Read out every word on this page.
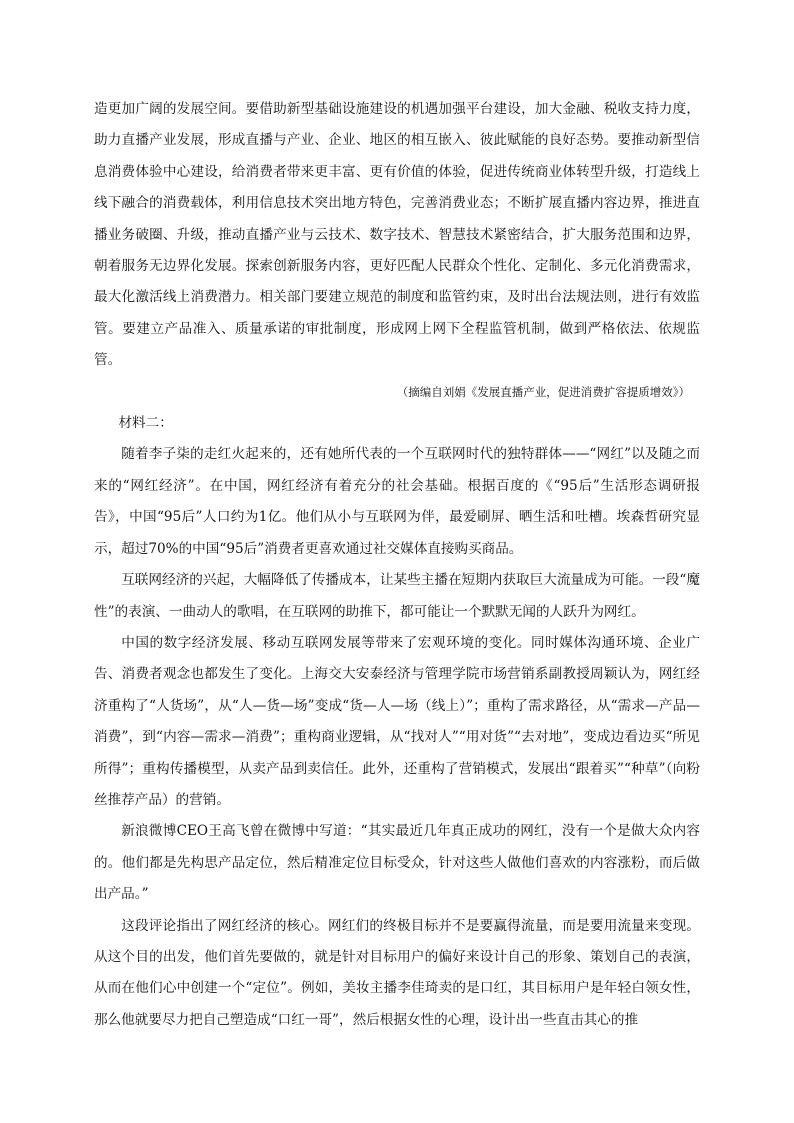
造更加广阔的发展空间。要借助新型基础设施建设的机遇加强平台建设，加大金融、税收支持力度，助力直播产业发展，形成直播与产业、企业、地区的相互嵌入、彼此赋能的良好态势。要推动新型信息消费体验中心建设，给消费者带来更丰富、更有价值的体验，促进传统商业体转型升级，打造线上线下融合的消费载体，利用信息技术突出地方特色，完善消费业态；不断扩展直播内容边界，推进直播业务破圈、升级，推动直播产业与云技术、数字技术、智慧技术紧密结合，扩大服务范围和边界，朝着服务无边界化发展。探索创新服务内容，更好匹配人民群众个性化、定制化、多元化消费需求，最大化激活线上消费潜力。相关部门要建立规范的制度和监管约束，及时出台法规法则，进行有效监管。要建立产品准入、质量承诺的审批制度，形成网上网下全程监管机制，做到严格依法、依规监管。

（摘编自刘娟《发展直播产业，促进消费扩容提质增效》）

材料二：

随着李子柒的走红火起来的，还有她所代表的一个互联网时代的独特群体——“网红”以及随之而来的“网红经济”。在中国，网红经济有着充分的社会基础。根据百度的《“95后”生活形态调研报告》，中国“95后”人口约为1亿。他们从小与互联网为伴，最爱刷屏、晒生活和吐槽。埃森哲研究显示，超过70%的中国“95后”消费者更喜欢通过社交媒体直接购买商品。

互联网经济的兴起，大幅降低了传播成本，让某些主播在短期内获取巨大流量成为可能。一段“魔性”的表演、一曲动人的歌唱，在互联网的助推下，都可能让一个默默无闻的人跃升为网红。

中国的数字经济发展、移动互联网发展等带来了宏观环境的变化。同时媒体沟通环境、企业广告、消费者观念也都发生了变化。上海交大安泰经济与管理学院市场营销系副教授周颖认为，网红经济重构了“人货场”，从“人—货—场”变成“货—人—场（线上）”；重构了需求路径，从“需求—产品—消费”，到“内容—需求—消费”；重构商业逻辑，从“找对人”“用对货”“去对地”，变成边看边买“所见所得”；重构传播模型，从卖产品到卖信任。此外，还重构了营销模式，发展出“跟着买”“种草”（向粉丝推荐产品）的营销。

新浪微博CEO王高飞曾在微博中写道：“其实最近几年真正成功的网红，没有一个是做大众内容的。他们都是先构思产品定位，然后精准定位目标受众，针对这些人做他们喜欢的内容涨粉，而后做出产品。”

这段评论指出了网红经济的核心。网红们的终极目标并不是要赢得流量，而是要用流量来变现。从这个目的出发，他们首先要做的，就是针对目标用户的偏好来设计自己的形象、策划自己的表演，从而在他们心中创建一个“定位”。例如，美妆主播李佳琦卖的是口红，其目标用户是年轻白领女性，那么他就要尽力把自己塑造成“口红一哥”，然后根据女性的心理，设计出一些直击其心的推
